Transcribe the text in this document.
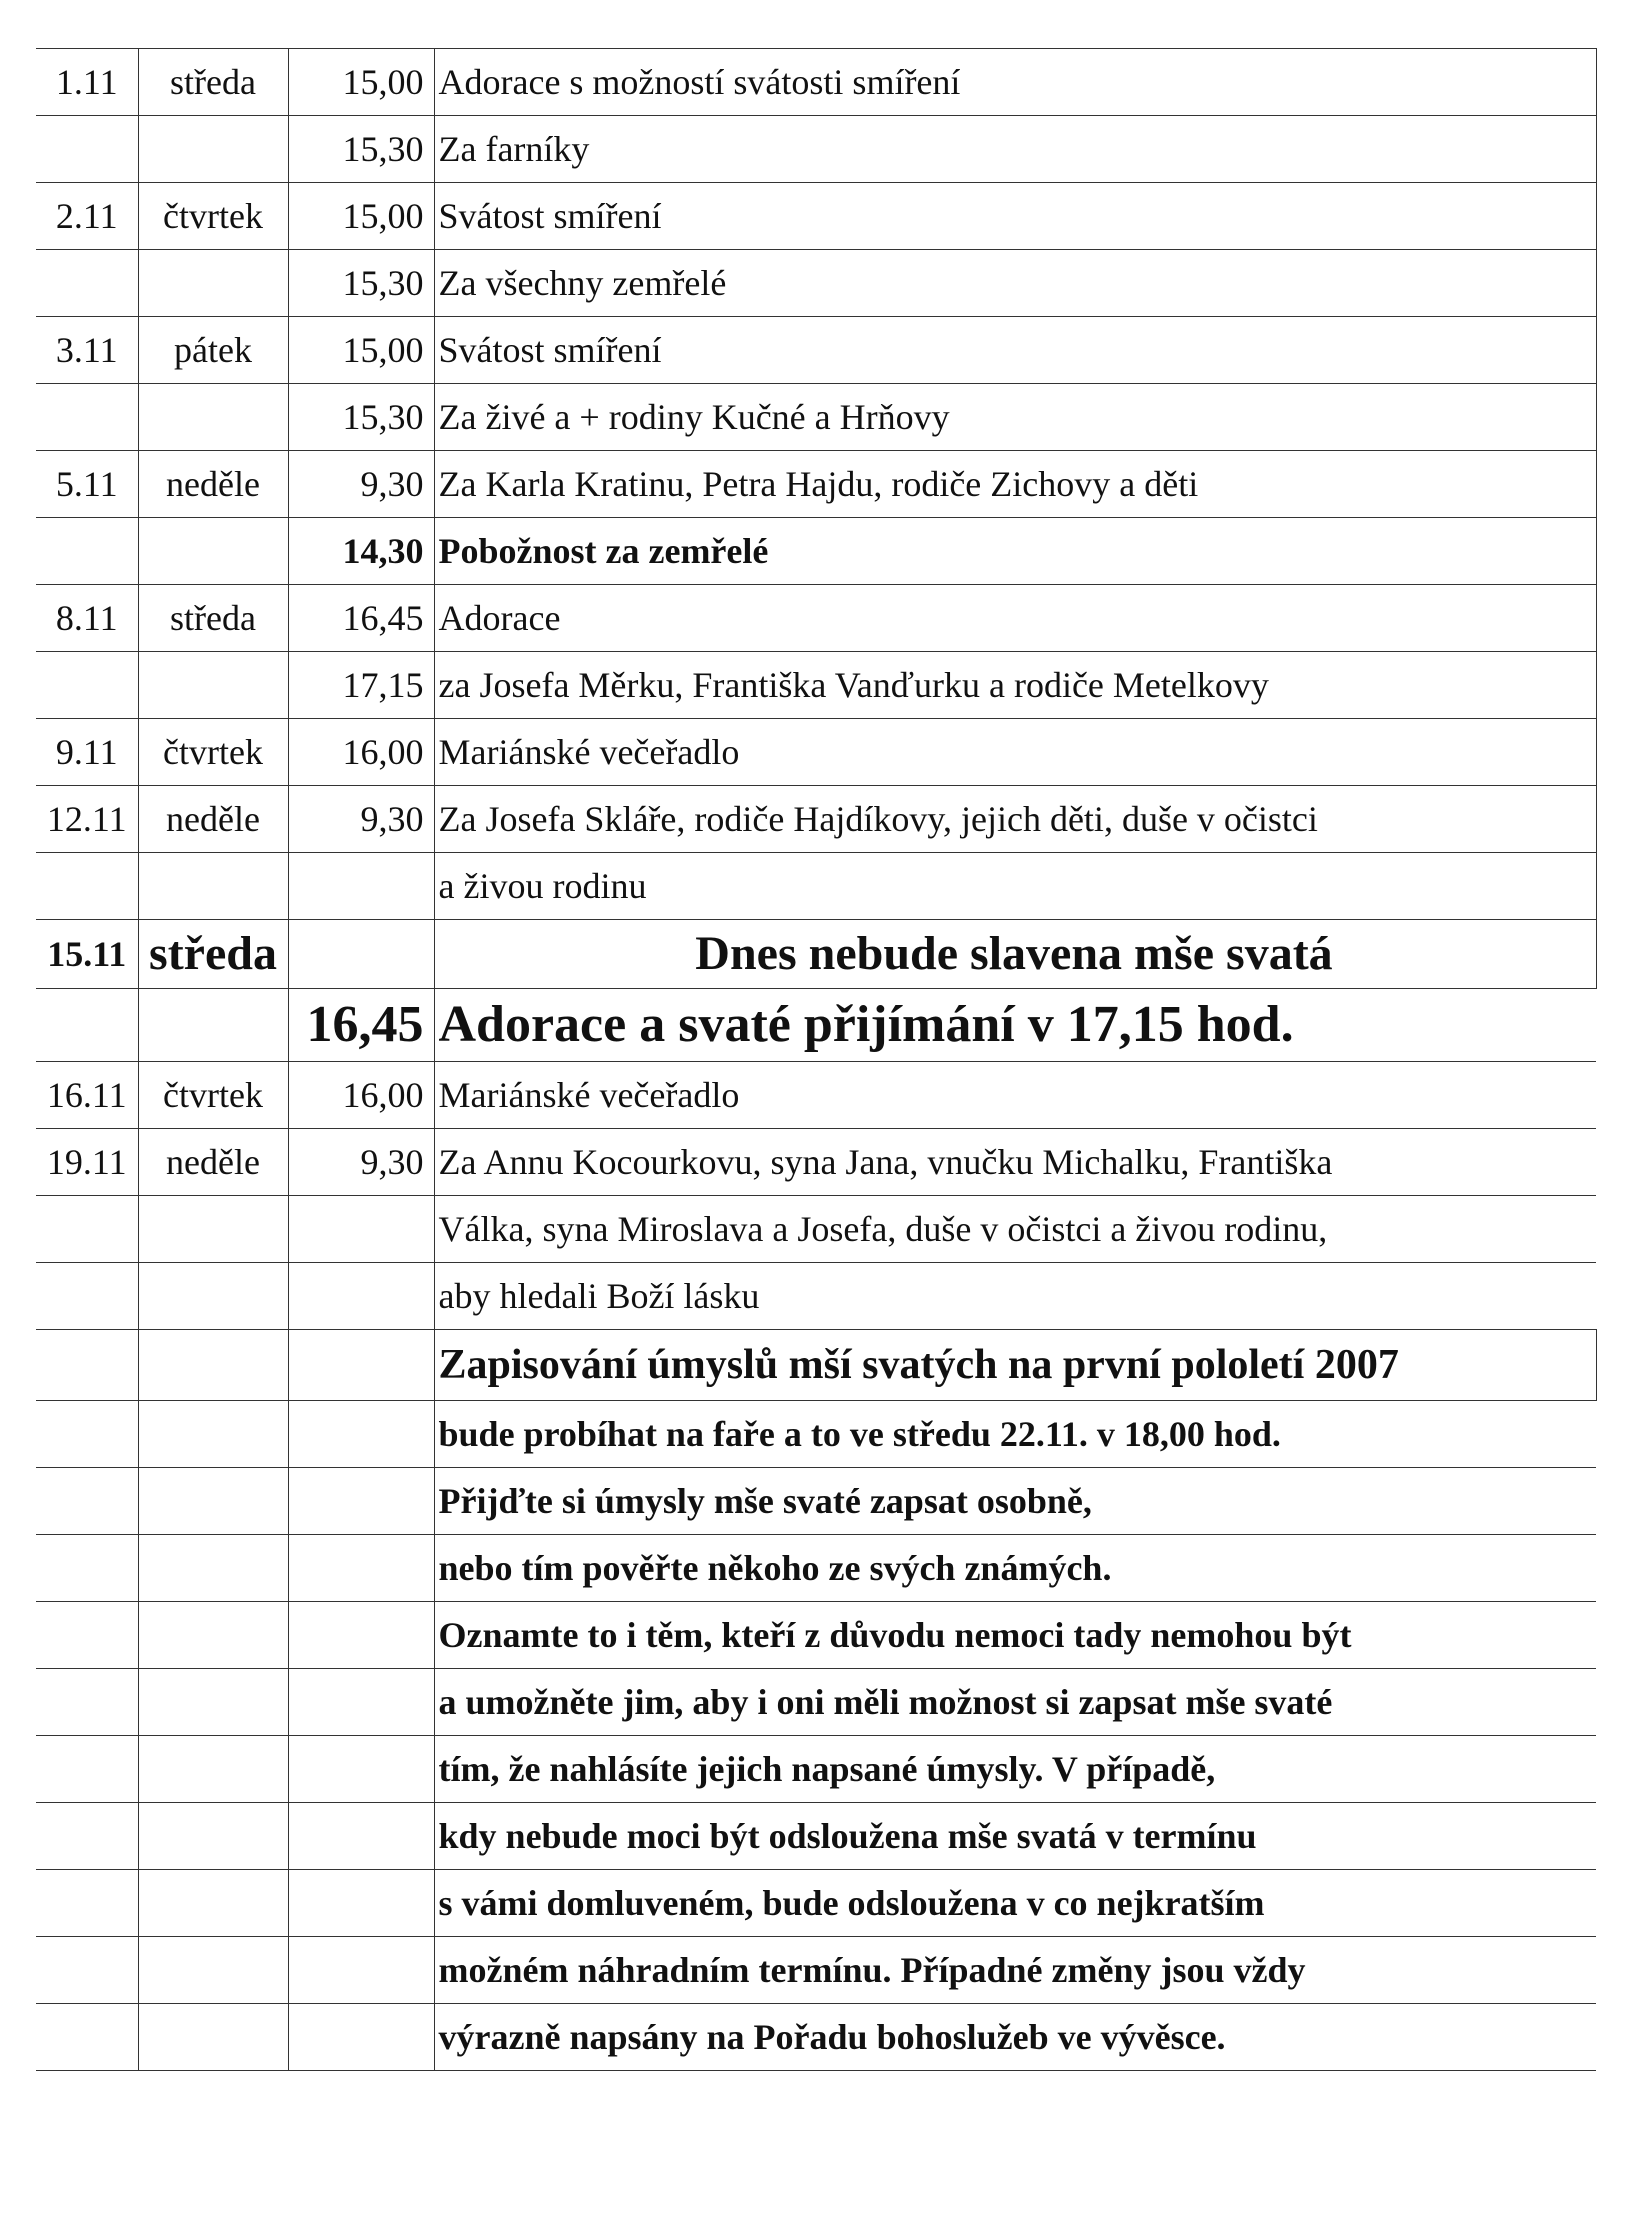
1.11	středa	15,00	Adorace s možností svátosti smíření
		15,30	Za farníky
2.11	čtvrtek	15,00	Svátost smíření
		15,30	Za všechny zemřelé
3.11	pátek	15,00	Svátost smíření
		15,30	Za živé a + rodiny Kučné a Hrňovy
5.11	neděle	9,30	Za Karla Kratinu, Petra Hajdu, rodiče Zichovy a děti
		14,30	Pobožnost za zemřelé
8.11	středa	16,45	Adorace
		17,15	za Josefa Měrku, Františka Vanďurku a rodiče Metelkovy
9.11	čtvrtek	16,00	Mariánské večeřadlo
12.11	neděle	9,30	Za Josefa Skláře, rodiče Hajdíkovy, jejich děti, duše v očistci
			a živou rodinu
15.11	středa		Dnes nebude slavena mše svatá
		16,45	Adorace a svaté přijímání v 17,15 hod.
16.11	čtvrtek	16,00	Mariánské večeřadlo
19.11	neděle	9,30	Za Annu Kocourkovu, syna Jana, vnučku Michalku, Františka
			Válka, syna Miroslava a Josefa, duše v očistci a živou rodinu,
			aby hledali Boží lásku
			Zapisování úmyslů mší svatých na první pololetí 2007
			bude probíhat na faře a to ve středu 22.11. v 18,00 hod.
			Přijďte si úmysly mše svaté zapsat osobně,
			nebo tím pověřte někoho ze svých známých.
			Oznamte to i těm, kteří z důvodu nemoci tady nemohou být
			a umožněte jim, aby i oni měli možnost si zapsat mše svaté
			tím, že nahlásíte jejich napsané úmysly. V případě,
			kdy nebude moci být odsloužena mše svatá v termínu
			s vámi domluveném, bude odsloužena v co nejkratším
			možném náhradním termínu. Případné změny jsou vždy
			výrazně napsány na Pořadu bohoslužeb ve vývěsce.
